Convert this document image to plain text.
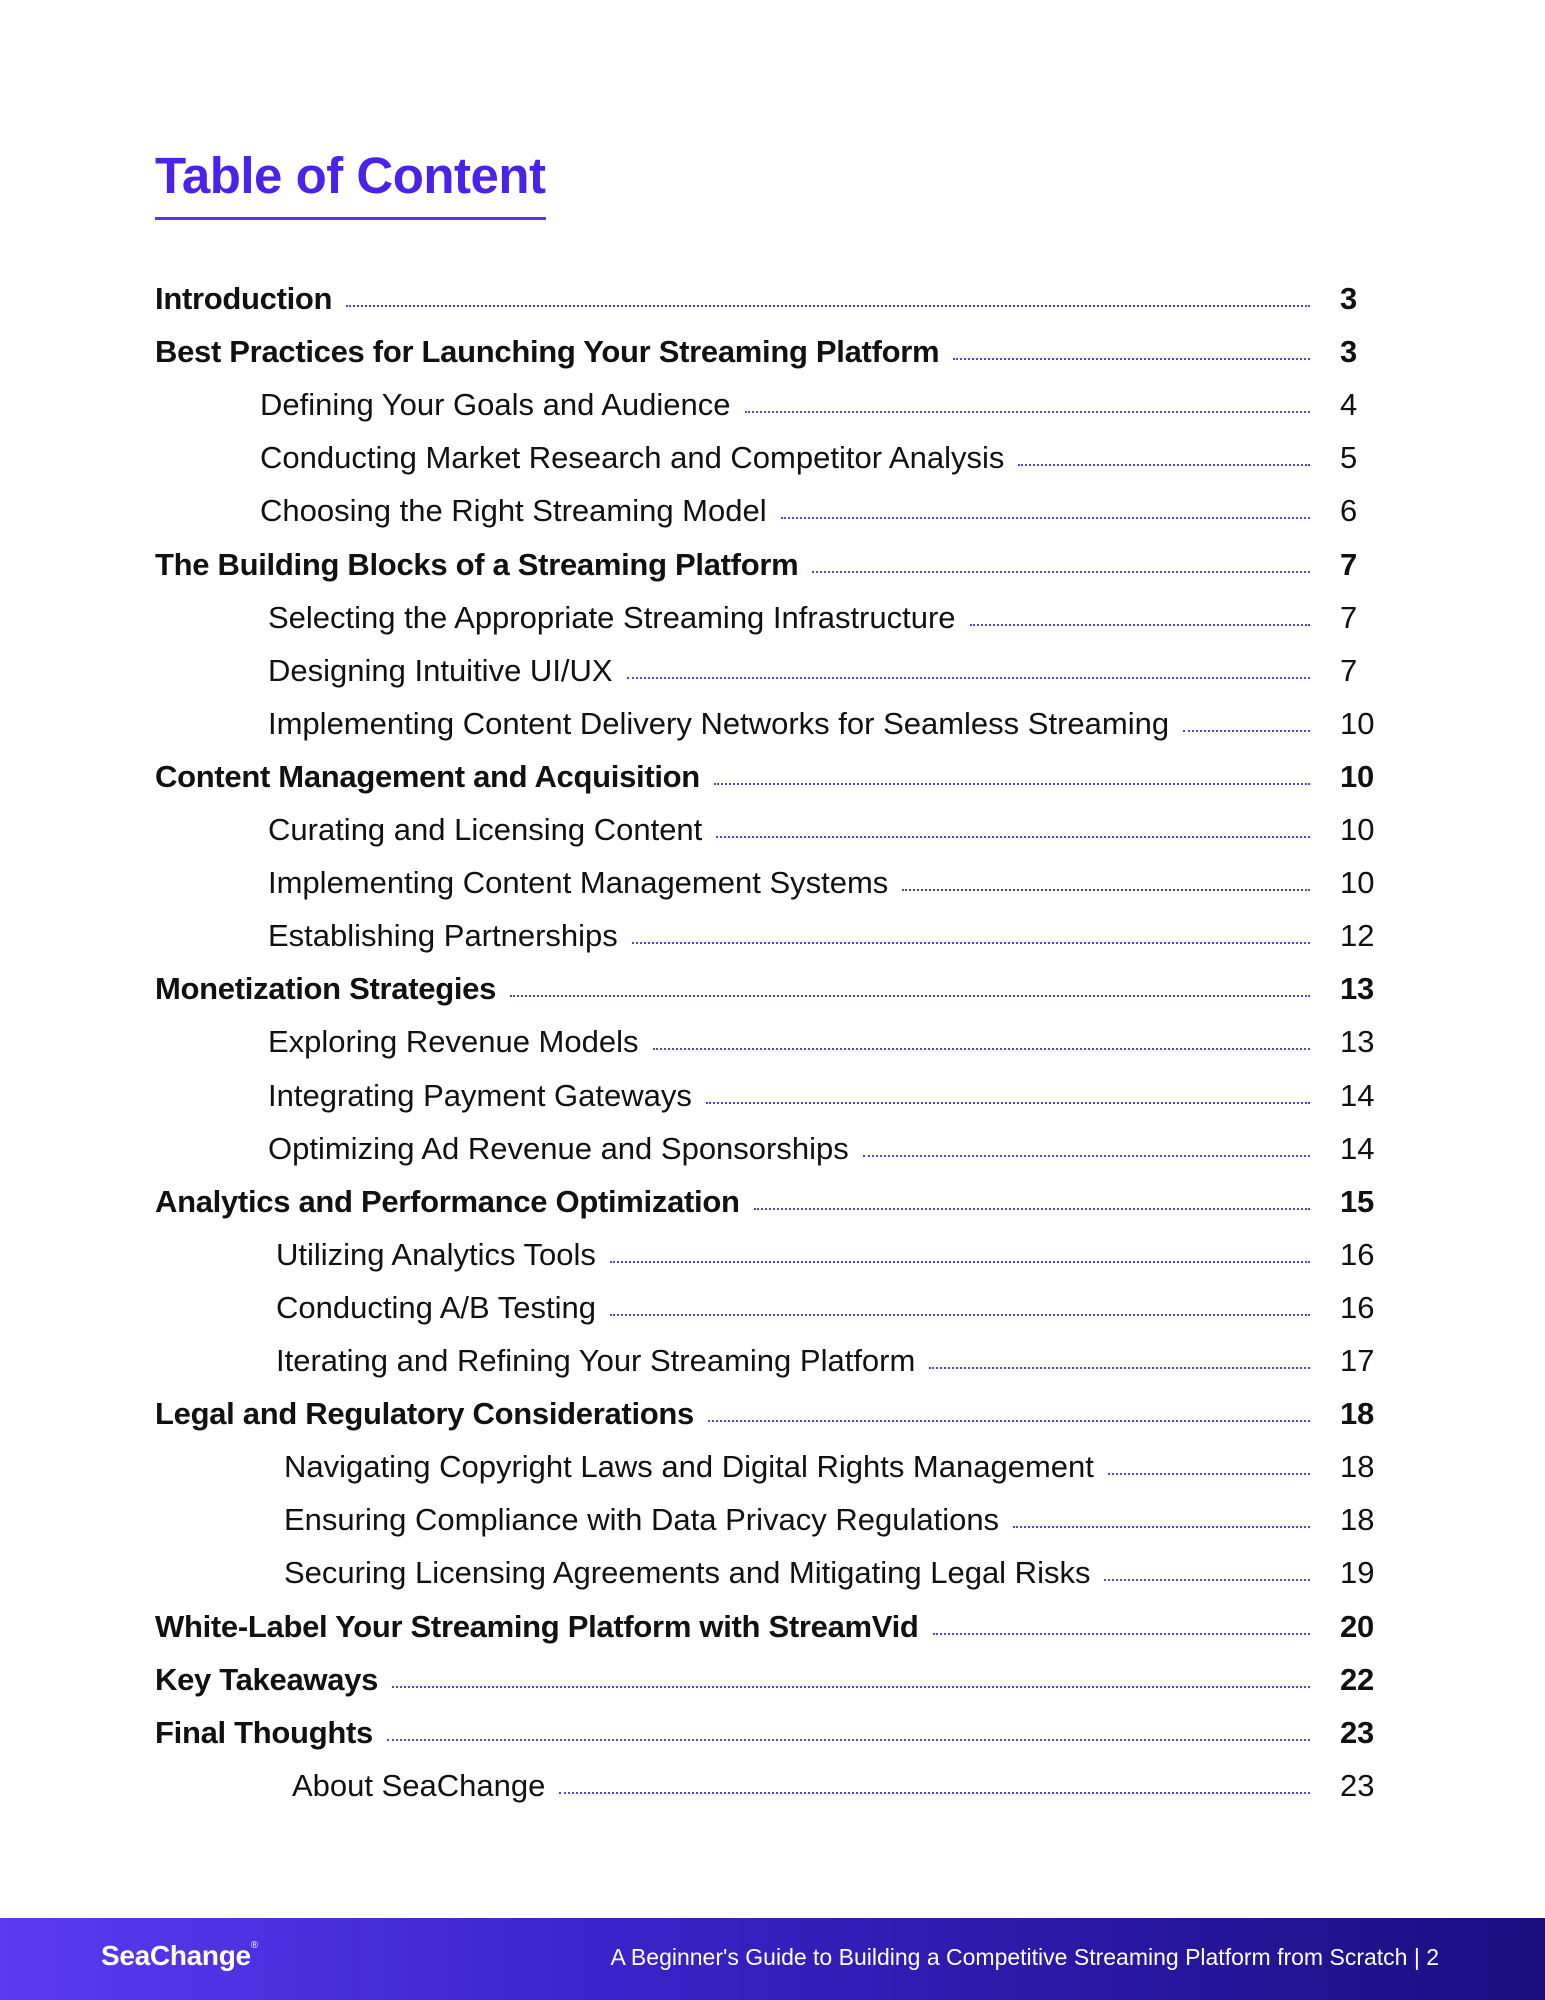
Table of Content
Introduction	3
Best Practices for Launching Your Streaming Platform	3
Defining Your Goals and Audience	4
Conducting Market Research and Competitor Analysis	5
Choosing the Right Streaming Model	6
The Building Blocks of a Streaming Platform	7
Selecting the Appropriate Streaming Infrastructure	7
Designing Intuitive UI/UX	7
Implementing Content Delivery Networks for Seamless Streaming	10
Content Management and Acquisition	10
Curating and Licensing Content	10
Implementing Content Management Systems	10
Establishing Partnerships	12
Monetization Strategies	13
Exploring Revenue Models	13
Integrating Payment Gateways	14
Optimizing Ad Revenue and Sponsorships	14
Analytics and Performance Optimization	15
Utilizing Analytics Tools	16
Conducting A/B Testing	16
Iterating and Refining Your Streaming Platform	17
Legal and Regulatory Considerations	18
Navigating Copyright Laws and Digital Rights Management	18
Ensuring Compliance with Data Privacy Regulations	18
Securing Licensing Agreements and Mitigating Legal Risks	19
White-Label Your Streaming Platform with StreamVid	20
Key Takeaways	22
Final Thoughts	23
About SeaChange	23
SeaChange®	A Beginner's Guide to Building a Competitive Streaming Platform from Scratch | 2
